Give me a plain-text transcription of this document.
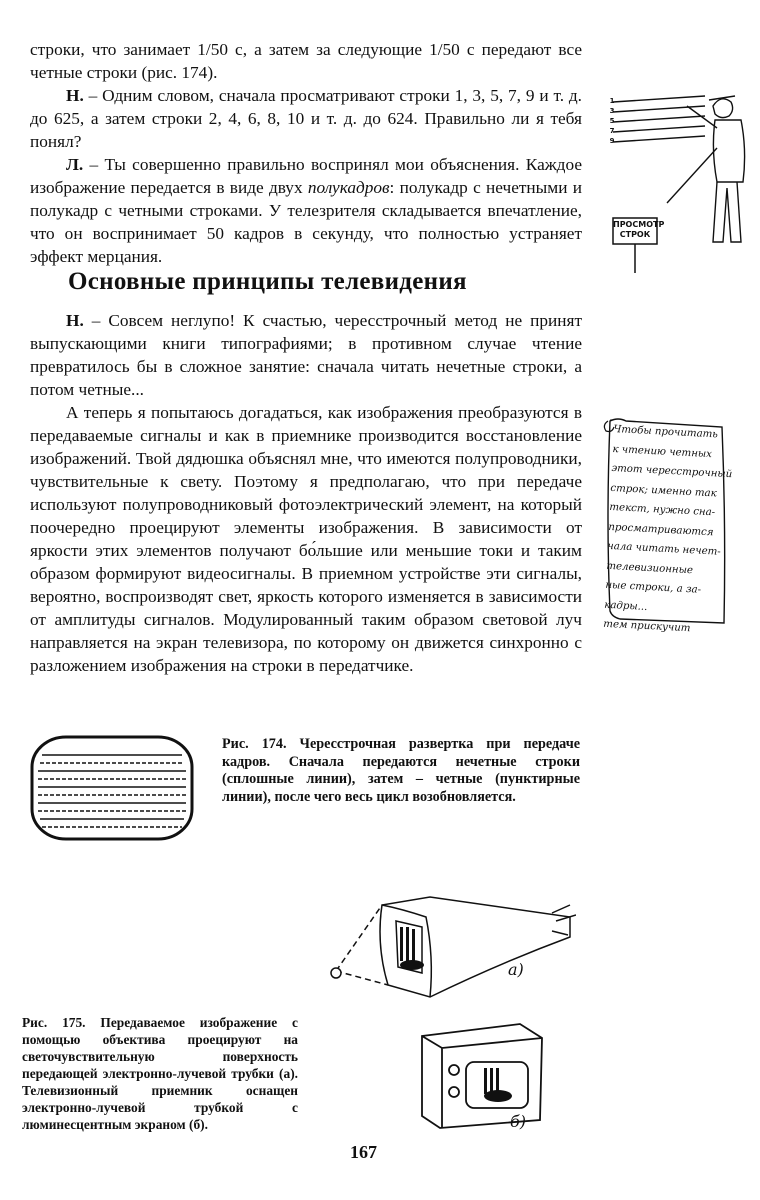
строки, что занимает 1/50 с, а затем за следующие 1/50 с передают все четные строки (рис. 174).

Н. – Одним словом, сначала просматривают строки 1, 3, 5, 7, 9 и т. д. до 625, а затем строки 2, 4, 6, 8, 10 и т. д. до 624. Правильно ли я тебя понял?

Л. – Ты совершенно правильно воспринял мои объяснения. Каждое изображение передается в виде двух полукадров: полукадр с нечетными и полукадр с четными строками. У телезрителя складывается впечатление, что он воспринимает 50 кадров в секунду, что полностью устраняет эффект мерцания.

1
3
5
7
9
ПРОСМОТР
СТРОК
Основные принципы телевидения

Н. – Совсем неглупо! К счастью, чересстрочный метод не принят выпускающими книги типографиями; в противном случае чтение превратилось бы в сложное занятие: сначала читать нечетные строки, а потом четные...

А теперь я попытаюсь догадаться, как изображения преобразуются в передаваемые сигналы и как в приемнике производится восстановление изображений. Твой дядюшка объяснял мне, что имеются полупроводники, чувствительные к свету. Поэтому я предполагаю, что при передаче используют полупроводниковый фотоэлектрический элемент, на который поочередно проецируют элементы изображения. В зависимости от яркости этих элементов получают бо́льшие или меньшие токи и таким образом формируют видеосигналы. В приемном устройстве эти сигналы, вероятно, воспроизводят свет, яркость которого изменяется в зависимости от амплитуды сигналов. Модулированный таким образом световой луч направляется на экран телевизора, по которому он движется синхронно с разложением изображения на строки в передатчике.

Чтобы прочитать
к чтению четных
этот чересстрочный
строк; именно так
текст, нужно сна-
просматриваются
чала читать нечет-
телевизионные
ные строки, а за-
кадры...
тем прискучит
Рис. 174. Чересстрочная развертка при передаче кадров. Сначала передаются нечетные строки (сплошные линии), затем – четные (пунктирные линии), после чего весь цикл возобновляется.
а)
б)
Рис. 175. Передаваемое изображение с помощью объектива проецируют на светочувствительную поверхность передающей электронно-лучевой трубки (а). Телевизионный приемник оснащен электронно-лучевой трубкой с люминесцентным экраном (б).
167
